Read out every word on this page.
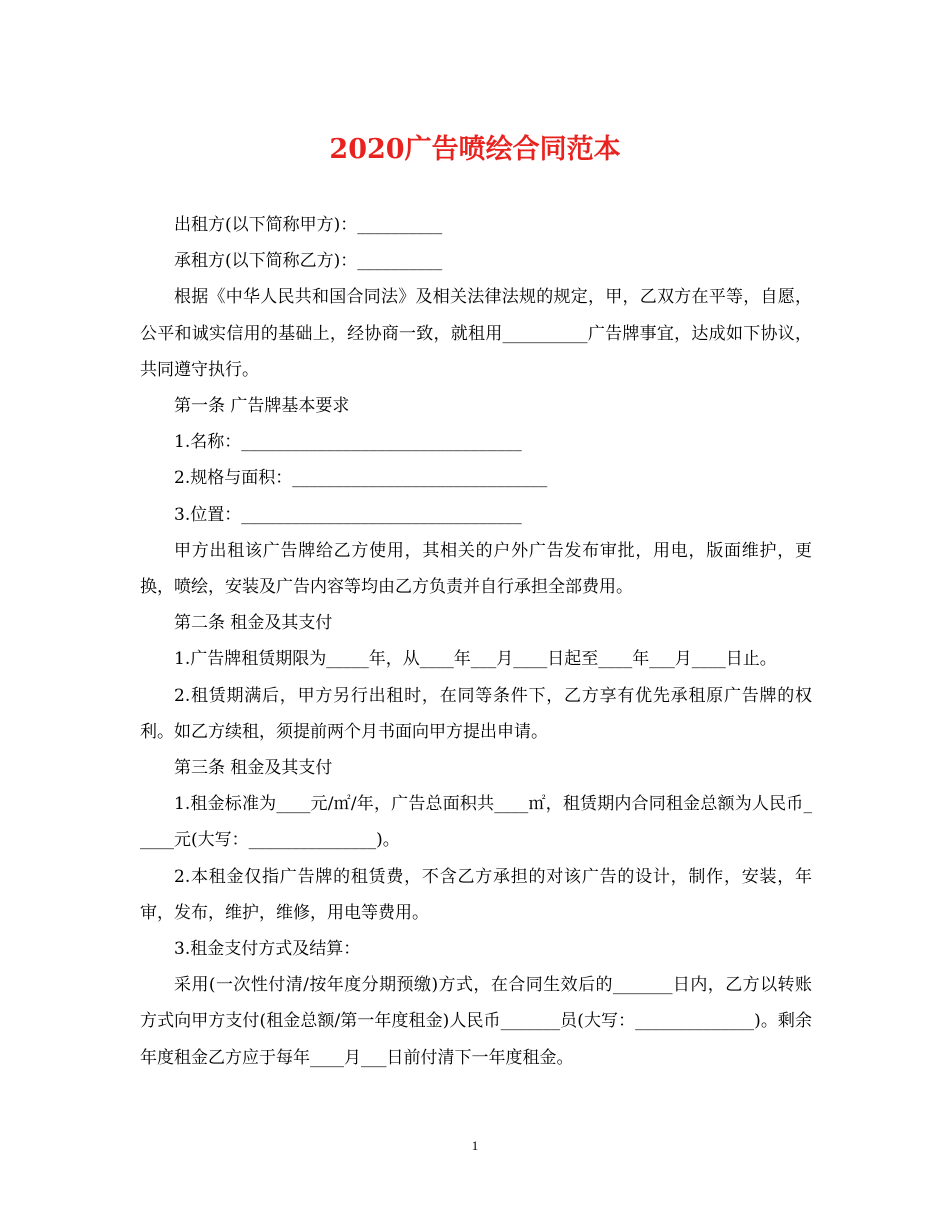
2020广告喷绘合同范本

出租方(以下简称甲方)：__________

承租方(以下简称乙方)：__________

根据《中华人民共和国合同法》及相关法律法规的规定，甲，乙双方在平等，自愿，公平和诚实信用的基础上，经协商一致，就租用__________广告牌事宜，达成如下协议，共同遵守执行。

第一条 广告牌基本要求

1.名称：_________________________________

2.规格与面积：______________________________

3.位置：_________________________________

甲方出租该广告牌给乙方使用，其相关的户外广告发布审批，用电，版面维护，更换，喷绘，安装及广告内容等均由乙方负责并自行承担全部费用。

第二条 租金及其支付

1.广告牌租赁期限为_____年，从____年___月____日起至____年___月____日止。

2.租赁期满后，甲方另行出租时，在同等条件下，乙方享有优先承租原广告牌的权利。如乙方续租，须提前两个月书面向甲方提出申请。

第三条 租金及其支付

1.租金标准为____元/㎡/年，广告总面积共____㎡，租赁期内合同租金总额为人民币_____元(大写：_______________)。

2.本租金仅指广告牌的租赁费，不含乙方承担的对该广告的设计，制作，安装，年审，发布，维护，维修，用电等费用。

3.租金支付方式及结算：

采用(一次性付清/按年度分期预缴)方式，在合同生效后的_______日内，乙方以转账方式向甲方支付(租金总额/第一年度租金)人民币_______员(大写：______________)。剩余年度租金乙方应于每年____月___日前付清下一年度租金。

1
